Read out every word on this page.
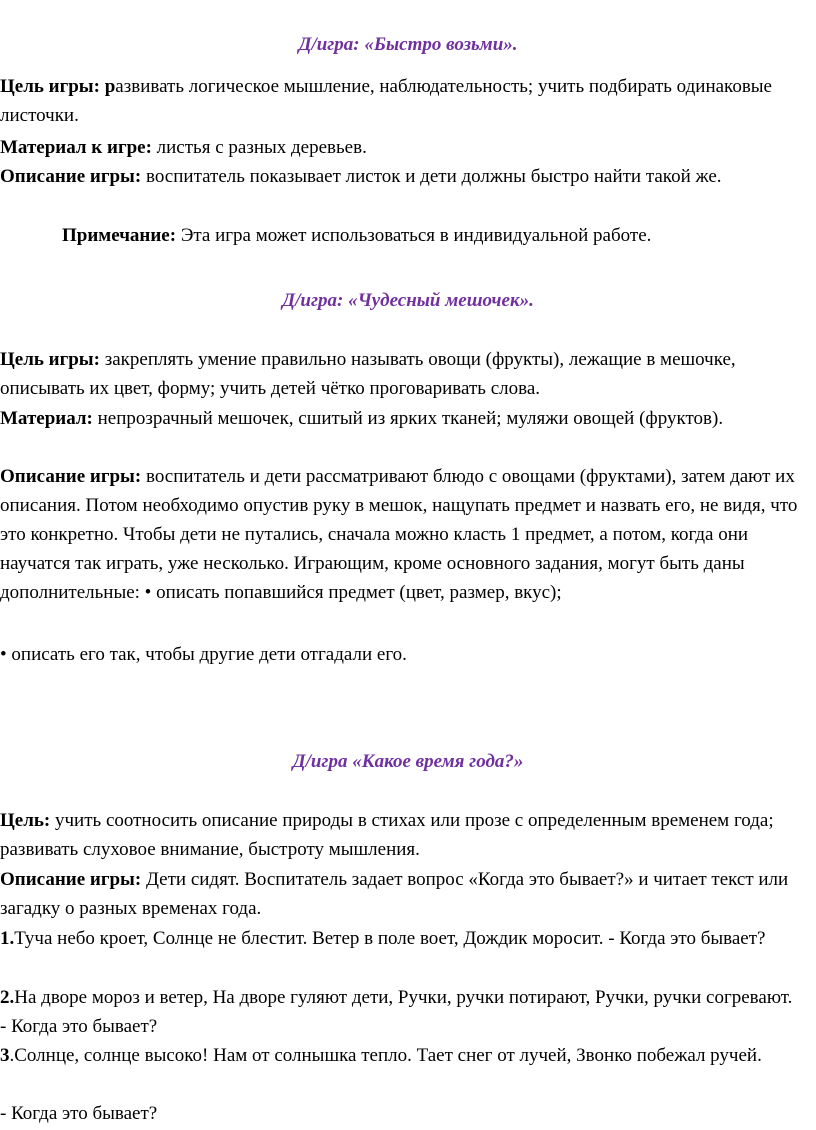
Д/игра: «Быстро возьми».

Цель игры: развивать логическое мышление, наблюдательность; учить подбирать одинаковые листочки.

Материал к игре: листья с разных деревьев.

Описание игры: воспитатель показывает листок и дети должны быстро найти такой же.

Примечание: Эта игра может использоваться в индивидуальной работе.

Д/игра: «Чудесный мешочек».

Цель игры: закреплять умение правильно называть овощи (фрукты), лежащие в мешочке, описывать их цвет, форму; учить детей чётко проговаривать слова.

Материал: непрозрачный мешочек, сшитый из ярких тканей; муляжи овощей (фруктов).

Описание игры: воспитатель и дети рассматривают блюдо с овощами (фруктами), затем дают их описания. Потом необходимо опустив руку в мешок, нащупать предмет и назвать его, не видя, что это конкретно. Чтобы дети не путались, сначала можно класть 1 предмет, а потом, когда они научатся так играть, уже несколько. Играющим, кроме основного задания, могут быть даны дополнительные: • описать попавшийся предмет (цвет, размер, вкус);

• описать его так, чтобы другие дети отгадали его.

Д/игра «Какое время года?»

Цель: учить соотносить описание природы в стихах или прозе с определенным временем года; развивать слуховое внимание, быстроту мышления.

Описание игры: Дети сидят. Воспитатель задает вопрос «Когда это бывает?» и читает текст или загадку о разных временах года.

1.Туча небо кроет, Солнце не блестит. Ветер в поле воет, Дождик моросит. - Когда это бывает?

2.На дворе мороз и ветер, На дворе гуляют дети, Ручки, ручки потирают, Ручки, ручки согревают. - Когда это бывает?

3.Солнце, солнце высоко! Нам от солнышка тепло. Тает снег от лучей, Звонко побежал ручей.

- Когда это бывает?
